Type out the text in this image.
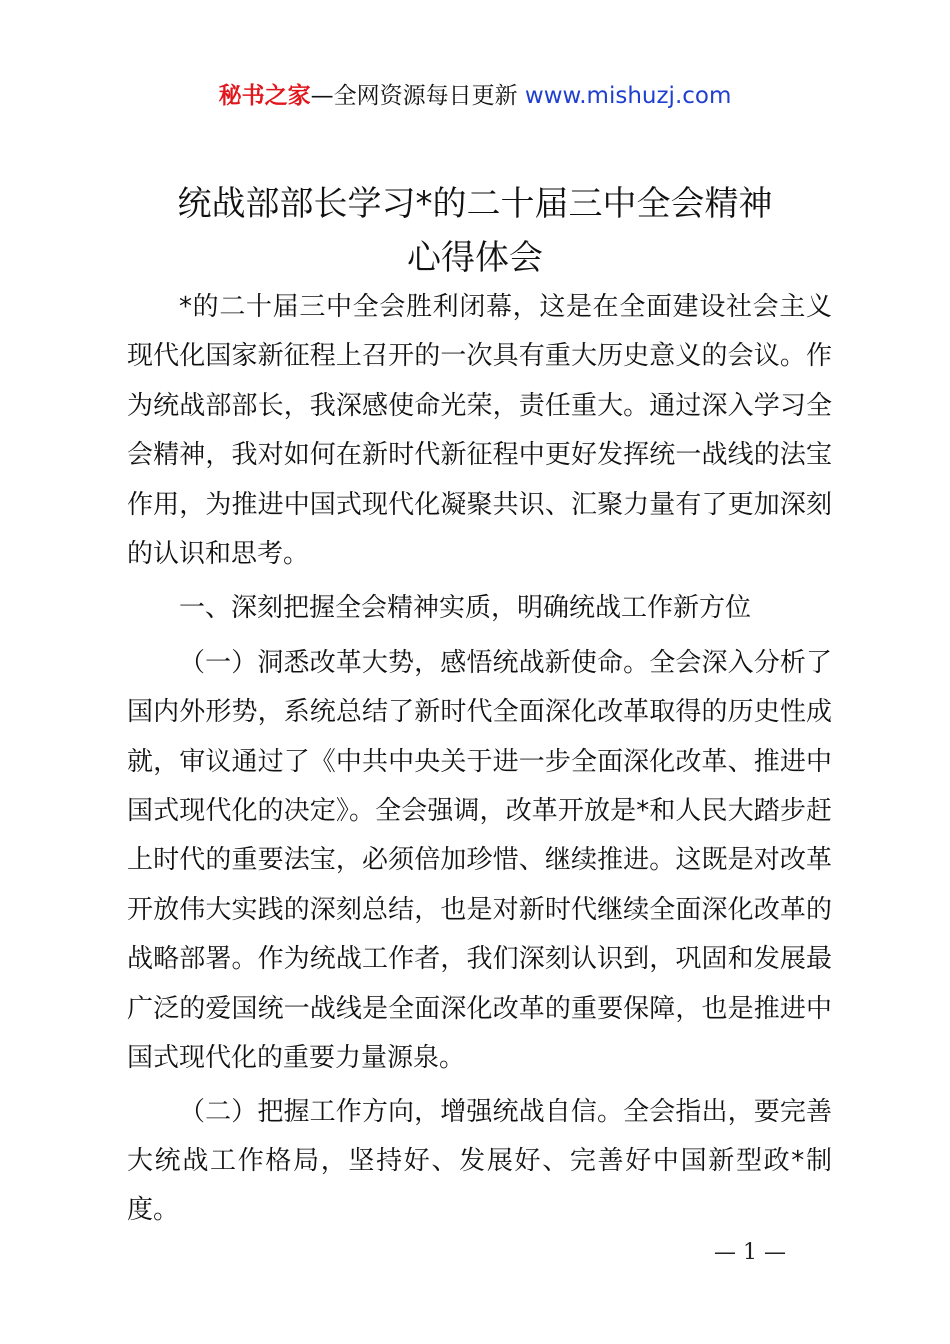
秘书之家—全网资源每日更新 www.mishuzj.com
统战部部长学习*的二十届三中全会精神
心得体会

*的二十届三中全会胜利闭幕，这是在全面建设社会主义现代化国家新征程上召开的一次具有重大历史意义的会议。作为统战部部长，我深感使命光荣，责任重大。通过深入学习全会精神，我对如何在新时代新征程中更好发挥统一战线的法宝作用，为推进中国式现代化凝聚共识、汇聚力量有了更加深刻的认识和思考。

一、深刻把握全会精神实质，明确统战工作新方位

（一）洞悉改革大势，感悟统战新使命。全会深入分析了国内外形势，系统总结了新时代全面深化改革取得的历史性成就，审议通过了《中共中央关于进一步全面深化改革、推进中国式现代化的决定》。全会强调，改革开放是*和人民大踏步赶上时代的重要法宝，必须倍加珍惜、继续推进。这既是对改革开放伟大实践的深刻总结，也是对新时代继续全面深化改革的战略部署。作为统战工作者，我们深刻认识到，巩固和发展最广泛的爱国统一战线是全面深化改革的重要保障，也是推进中国式现代化的重要力量源泉。

（二）把握工作方向，增强统战自信。全会指出，要完善大统战工作格局，坚持好、发展好、完善好中国新型政*制度。

— 1 —
